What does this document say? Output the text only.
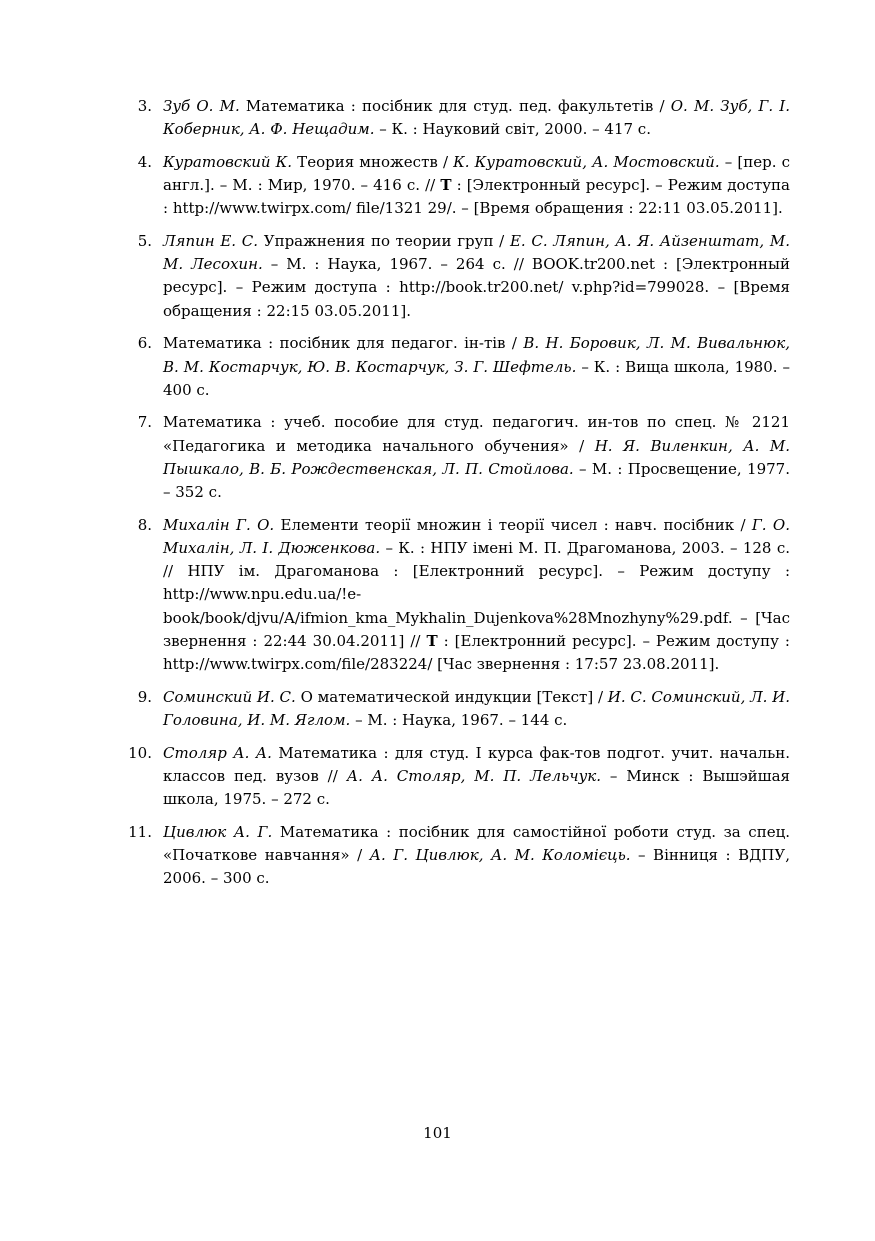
3. Зуб О. М. Математика : посібник для студ. пед. факультетів / О. М. Зуб, Г. І. Коберник, А. Ф. Нещадим. – К. : Науковий світ, 2000. – 417 с.
4. Куратовский К. Теория множеств / К. Куратовский, А. Мостовский. – [пер. с англ.]. – М. : Мир, 1970. – 416 с. // T : [Электронный ресурс]. – Режим доступа : http://www.twirpx.com/ file/1321 29/. – [Время обращения : 22:11 03.05.2011].
5. Ляпин Е. С. Упражнения по теории груп / Е. С. Ляпин, А. Я. Айзенштат, М. М. Лесохин. – М. : Наука, 1967. – 264 с. // BOOK.tr200.net : [Электронный ресурс]. – Режим доступа : http://book.tr200.net/ v.php?id=799028. – [Время обращения : 22:15 03.05.2011].
6. Математика : посібник для педагог. ін-тів / В. Н. Боровик, Л. М. Вивальнюк, В. М. Костарчук, Ю. В. Костарчук, З. Г. Шефтель. – К. : Вища школа, 1980. – 400 с.
7. Математика : учеб. пособие для студ. педагогич. ин-тов по спец. № 2121 «Педагогика и методика начального обучения» / Н. Я. Виленкин, А. М. Пышкало, В. Б. Рождественская, Л. П. Стойлова. – М. : Просвещение, 1977. – 352 с.
8. Михалін Г. О. Елементи теорії множин і теорії чисел : навч. посібник / Г. О. Михалін, Л. І. Дюженкова. – К. : НПУ імені М. П. Драгоманова, 2003. – 128 с. // НПУ ім. Драгоманова : [Електронний ресурс]. – Режим доступу : http://www.npu.edu.ua/!e-book/book/djvu/A/ifmion_kma_Mykhalin_Dujenkova%28Mnozhyny%29.pdf. – [Час звернення : 22:44 30.04.2011] // T : [Електронний ресурс]. – Режим доступу : http://www.twirpx.com/file/283224/ [Час звернення : 17:57 23.08.2011].
9. Соминский И. С. О математической индукции [Текст] / И. С. Соминский, Л. И. Головина, И. М. Яглом. – М. : Наука, 1967. – 144 с.
10. Столяр А. А. Математика : для студ. I курса фак-тов подгот. учит. начальн. классов пед. вузов // А. А. Столяр, М. П. Лельчук. – Минск : Вышэйшая школа, 1975. – 272 с.
11. Цивлюк А. Г. Математика : посібник для самостійної роботи студ. за спец. «Початкове навчання» / А. Г. Цивлюк, А. М. Коломієць. – Вінниця : ВДПУ, 2006. – 300 с.
101
